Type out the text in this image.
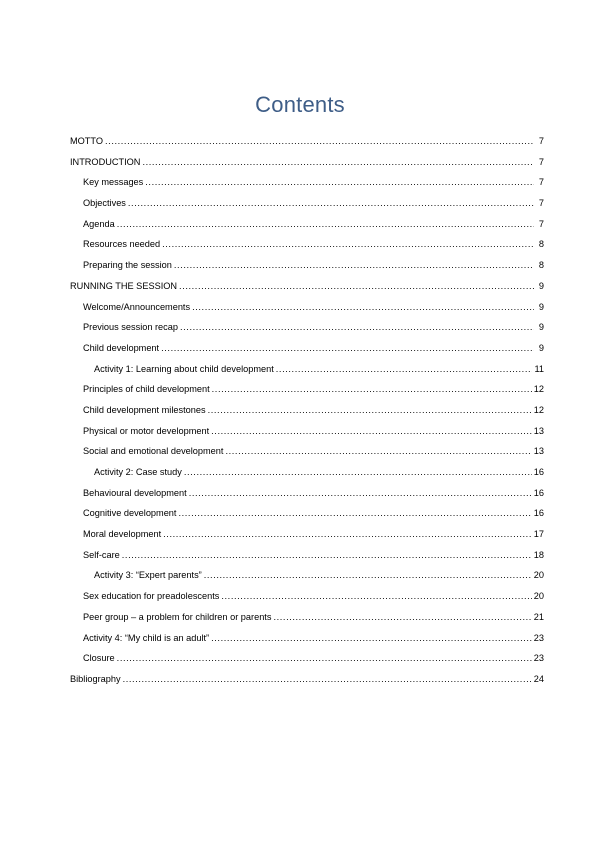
Contents
MOTTO .....	7
INTRODUCTION .....	7
Key messages .....	7
Objectives .....	7
Agenda .....	7
Resources needed .....	8
Preparing the session .....	8
RUNNING THE SESSION .....	9
Welcome/Announcements .....	9
Previous session recap .....	9
Child development .....	9
Activity 1: Learning about child development .....	11
Principles of child development .....	12
Child development milestones .....	12
Physical or motor development .....	13
Social and emotional development .....	13
Activity 2: Case study .....	16
Behavioural development .....	16
Cognitive development .....	16
Moral development .....	17
Self-care .....	18
Activity 3: “Expert parents” .....	20
Sex education for preadolescents .....	20
Peer group – a problem for children or parents .....	21
Activity 4: “My child is an adult” .....	23
Closure .....	23
Bibliography .....	24
